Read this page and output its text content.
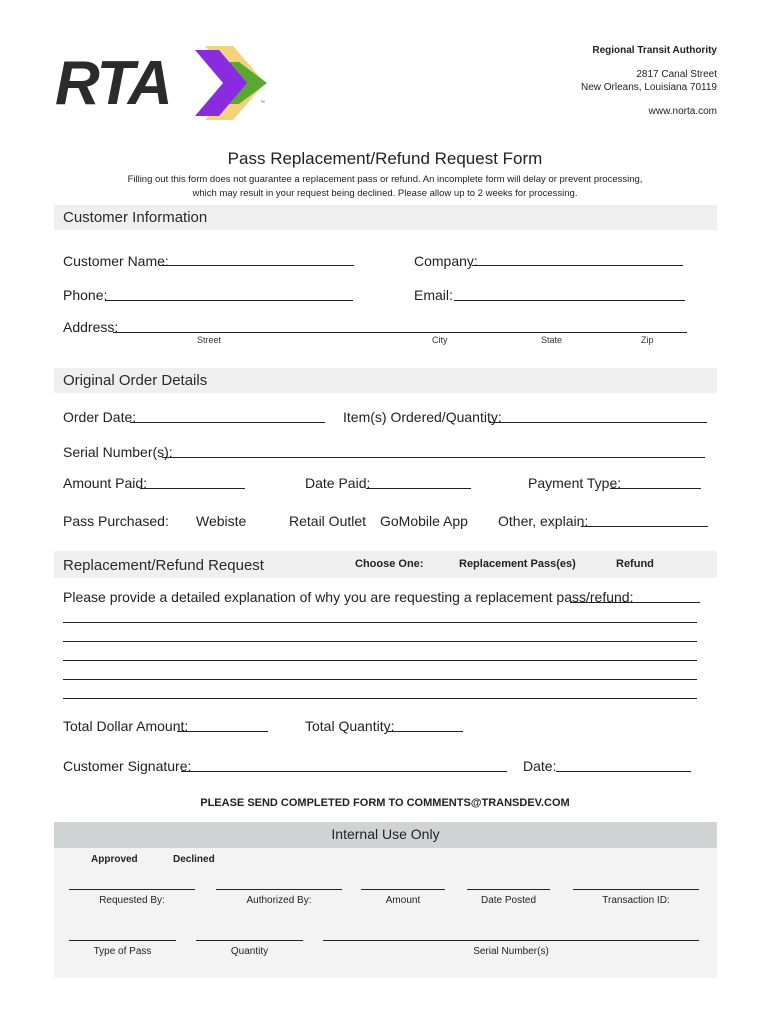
RTA	™
Regional Transit Authority
2817 Canal Street
New Orleans, Louisiana 70119
www.norta.com
Pass Replacement/Refund Request Form
Filling out this form does not guarantee a replacement pass or refund. An incomplete form will delay or prevent processing,
which may result in your request being declined. Please allow up to 2 weeks for processing.
Customer Information
Customer Name:	Company:
Phone:	Email:
Address:
Street	City	State	Zip
Original Order Details
Order Date:	Item(s) Ordered/Quantity:
Serial Number(s):
Amount Paid:	Date Paid:	Payment Type:
Pass Purchased: Webiste	Retail Outlet GoMobile App Other, explain:
Replacement/Refund Request	Choose One:	Replacement Pass(es)	Refund
Please provide a detailed explanation of why you are requesting a replacement pass/refund:
Total Dollar Amount:	Total Quantity:
Customer Signature:	Date:
PLEASE SEND COMPLETED FORM TO COMMENTS@TRANSDEV.COM
Internal Use Only
Approved	Declined
Requested By:	Authorized By:	Amount	Date Posted	Transaction ID:
Type of Pass	Quantity	Serial Number(s)
